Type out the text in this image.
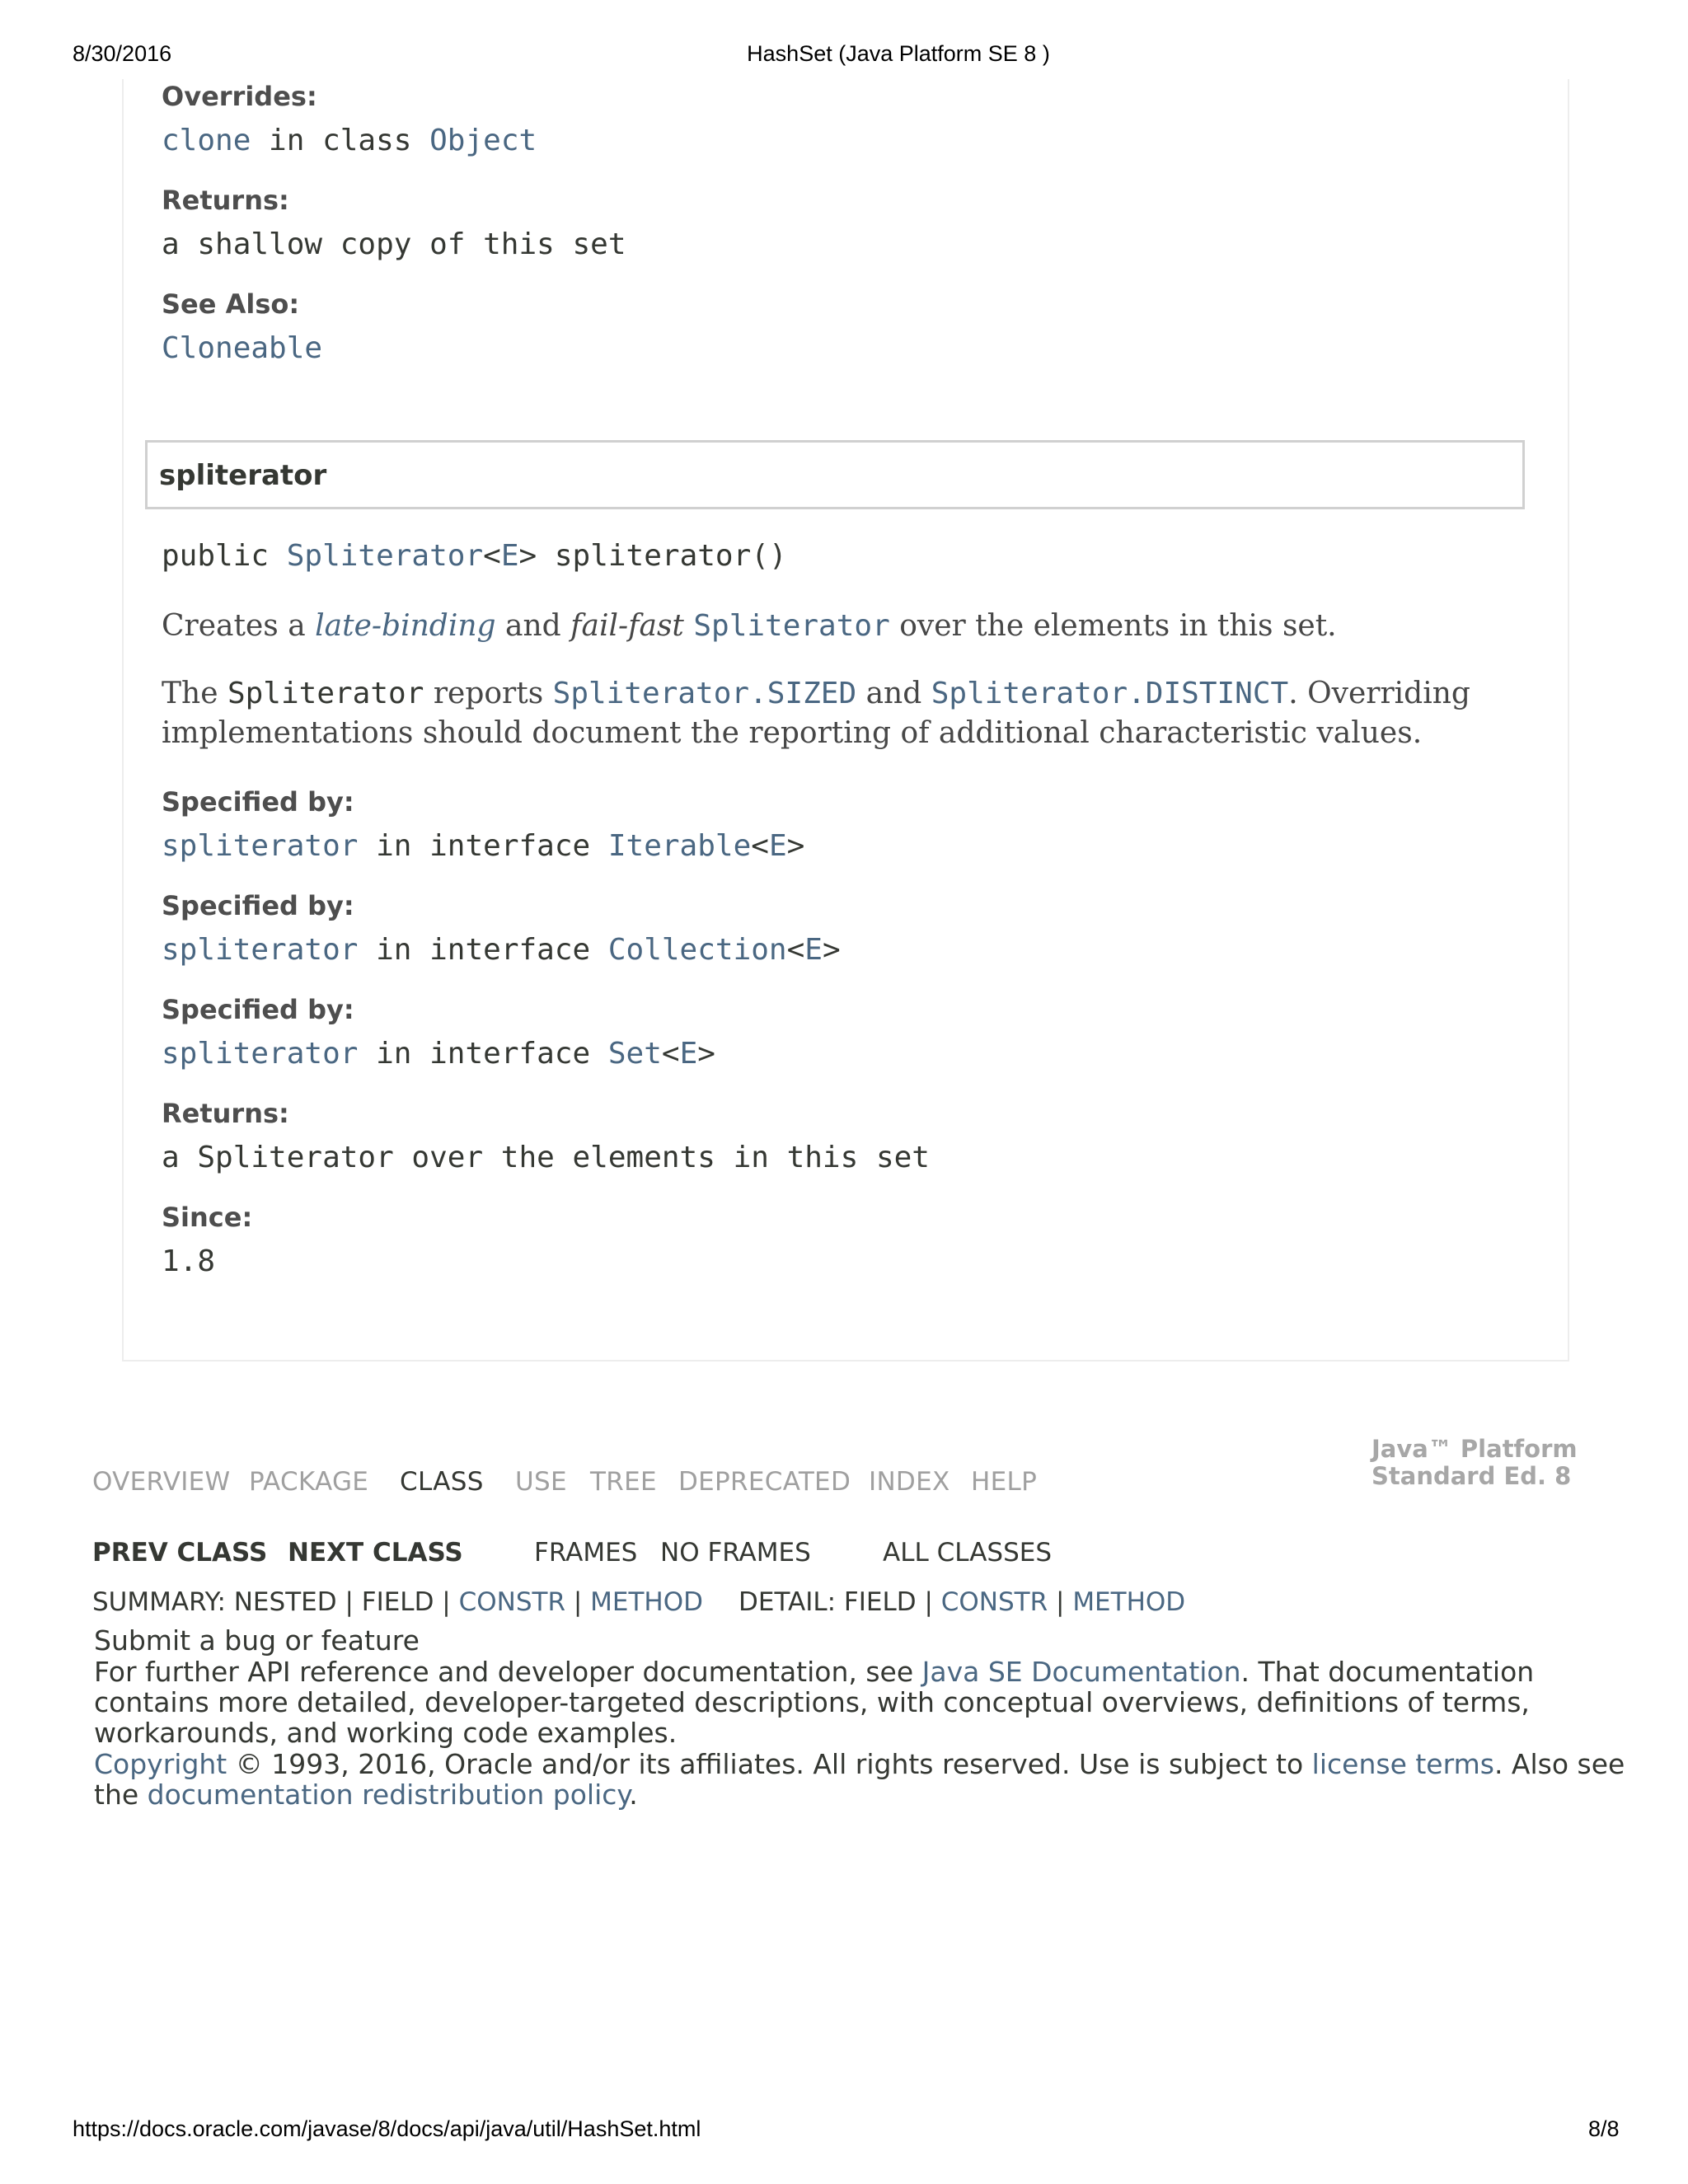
8/30/2016	HashSet (Java Platform SE 8 )
https://docs.oracle.com/javase/8/docs/api/java/util/HashSet.html	8/8
Overrides:
clone in class Object
Returns:
a shallow copy of this set
See Also:
Cloneable
spliterator
public Spliterator<E> spliterator()
Creates a late-binding and fail-fast Spliterator over the elements in this set.
The Spliterator reports Spliterator.SIZED and Spliterator.DISTINCT. Overriding
implementations should document the reporting of additional characteristic values.
Specified by:
spliterator in interface Iterable<E>
Specified by:
spliterator in interface Collection<E>
Specified by:
spliterator in interface Set<E>
Returns:
a Spliterator over the elements in this set
Since:
1.8
OVERVIEW PACKAGE CLASS USE TREE DEPRECATED INDEX HELP
Java™ Platform
Standard Ed. 8
PREV CLASS NEXT CLASS	FRAMES NO FRAMES	ALL CLASSES
SUMMARY: NESTED | FIELD | CONSTR | METHOD DETAIL: FIELD | CONSTR | METHOD
Submit a bug or feature
For further API reference and developer documentation, see Java SE Documentation. That documentation
contains more detailed, developer-targeted descriptions, with conceptual overviews, definitions of terms,
workarounds, and working code examples.
Copyright © 1993, 2016, Oracle and/or its affiliates. All rights reserved. Use is subject to license terms. Also see
the documentation redistribution policy.
